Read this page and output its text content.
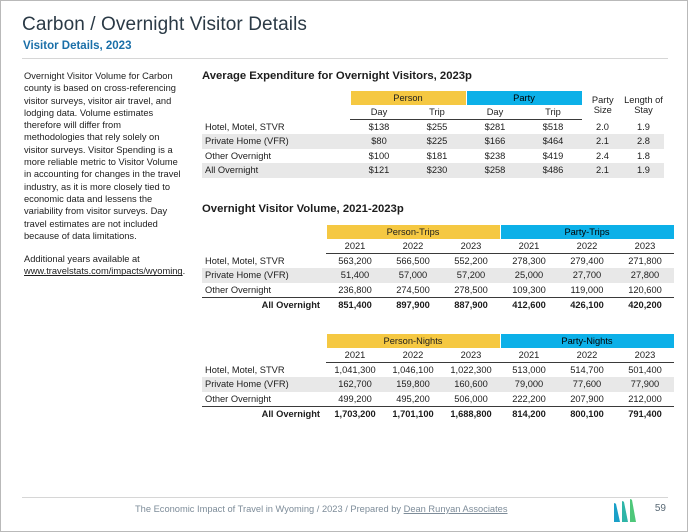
Carbon / Overnight Visitor Details
Visitor Details, 2023

Overnight Visitor Volume for Carbon county is based on cross-referencing visitor surveys, visitor air travel, and lodging data. Volume estimates therefore will differ from methodologies that rely solely on visitor surveys. Visitor Spending is a more reliable metric to Visitor Volume in accounting for changes in the travel industry, as it is more closely tied to economic data and lessens the variability from visitor surveys. Day travel estimates are not included because of data limitations.

Additional years available at www.travelstats.com/impacts/wyoming.

Average Expenditure for Overnight Visitors, 2023p
	Person		Party		Party Size	Length of Stay
	Day	Trip	Day	Trip		
Hotel, Motel, STVR	$138	$255	$281	$518	2.0	1.9
Private Home (VFR)	$80	$225	$166	$464	2.1	2.8
Other Overnight	$100	$181	$238	$419	2.4	1.8
All Overnight	$121	$230	$258	$486	2.1	1.9
Overnight Visitor Volume, 2021-2023p
	Person-Trips			Party-Trips		
	2021	2022	2023	2021	2022	2023
Hotel, Motel, STVR	563,200	566,500	552,200	278,300	279,400	271,800
Private Home (VFR)	51,400	57,000	57,200	25,000	27,700	27,800
Other Overnight	236,800	274,500	278,500	109,300	119,000	120,600
All Overnight	851,400	897,900	887,900	412,600	426,100	420,200
	Person-Nights			Party-Nights		
	2021	2022	2023	2021	2022	2023
Hotel, Motel, STVR	1,041,300	1,046,100	1,022,300	513,000	514,700	501,400
Private Home (VFR)	162,700	159,800	160,600	79,000	77,600	77,900
Other Overnight	499,200	495,200	506,000	222,200	207,900	212,000
All Overnight	1,703,200	1,701,100	1,688,800	814,200	800,100	791,400
The Economic Impact of Travel in Wyoming / 2023 / Prepared by Dean Runyan Associates	59
